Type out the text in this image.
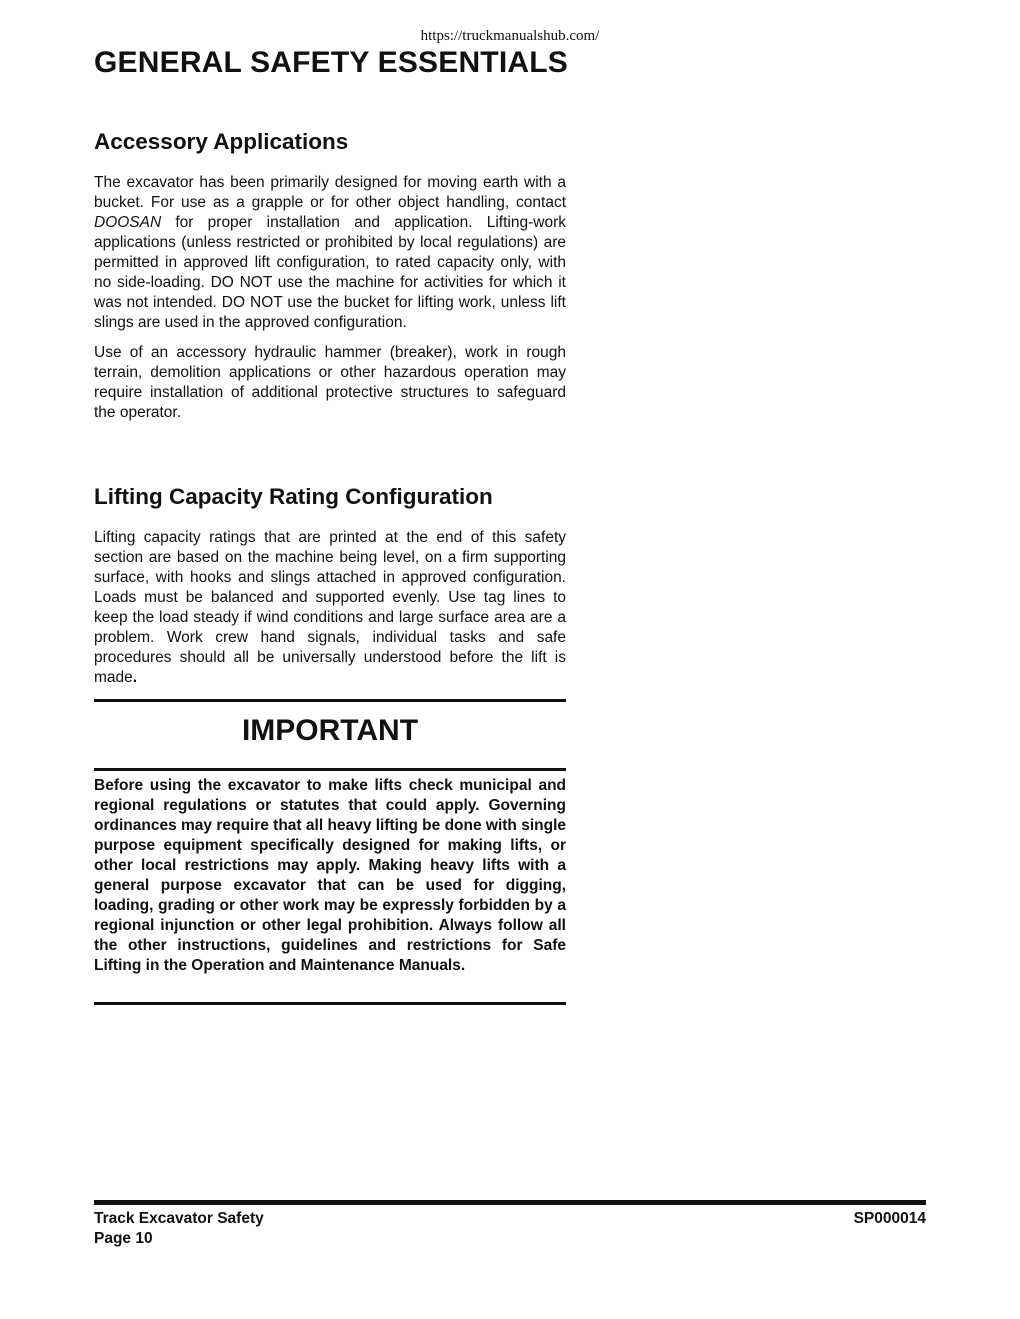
https://truckmanualshub.com/
GENERAL SAFETY ESSENTIALS
Accessory Applications

The excavator has been primarily designed for moving earth with a bucket. For use as a grapple or for other object handling, contact DOOSAN for proper installation and application. Lifting-work applications (unless restricted or prohibited by local regulations) are permitted in approved lift configuration, to rated capacity only, with no side-loading. DO NOT use the machine for activities for which it was not intended. DO NOT use the bucket for lifting work, unless lift slings are used in the approved configuration.

Use of an accessory hydraulic hammer (breaker), work in rough terrain, demolition applications or other hazardous operation may require installation of additional protective structures to safeguard the operator.

Lifting Capacity Rating Configuration

Lifting capacity ratings that are printed at the end of this safety section are based on the machine being level, on a firm supporting surface, with hooks and slings attached in approved configuration. Loads must be balanced and supported evenly. Use tag lines to keep the load steady if wind conditions and large surface area are a problem. Work crew hand signals, individual tasks and safe procedures should all be universally understood before the lift is made.

IMPORTANT

Before using the excavator to make lifts check municipal and regional regulations or statutes that could apply. Governing ordinances may require that all heavy lifting be done with single purpose equipment specifically designed for making lifts, or other local restrictions may apply. Making heavy lifts with a general purpose excavator that can be used for digging, loading, grading or other work may be expressly forbidden by a regional injunction or other legal prohibition. Always follow all the other instructions, guidelines and restrictions for Safe Lifting in the Operation and Maintenance Manuals.

Track Excavator Safety
Page 10
SP000014
